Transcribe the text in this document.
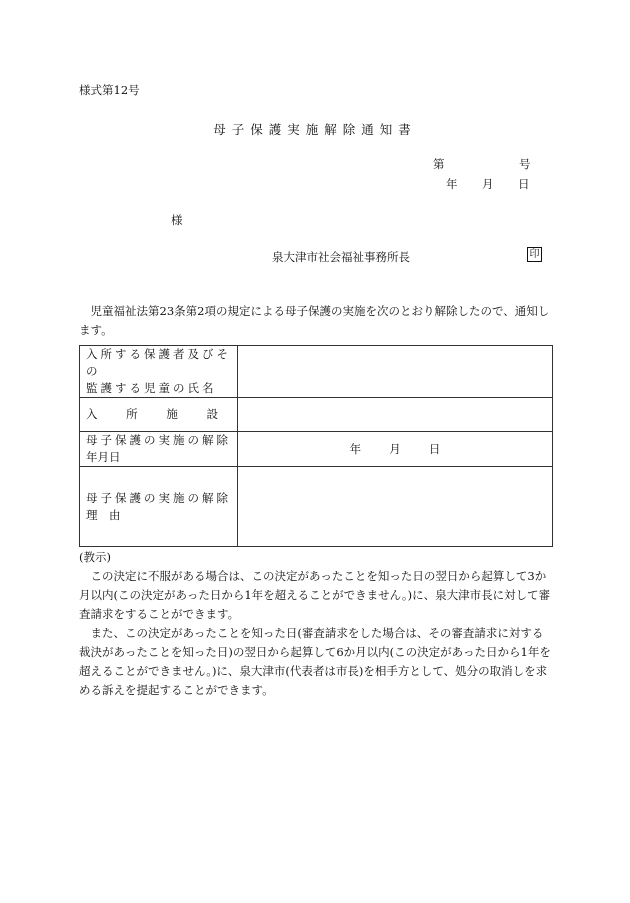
様式第12号
母子保護実施解除通知書
第	号
年 月 日
様
泉大津市社会福祉事務所長	印
児童福祉法第23条第2項の規定による母子保護の実施を次のとおり解除したので、通知します。
入所する保護者及びその
監護する児童の氏名	

入 所 施 設	

母子保護の実施の解除
年月日	年 月 日

母子保護の実施の解除
理　由	

(教示)

この決定に不服がある場合は、この決定があったことを知った日の翌日から起算して3か月以内(この決定があった日から1年を超えることができません。)に、泉大津市長に対して審査請求をすることができます。

また、この決定があったことを知った日(審査請求をした場合は、その審査請求に対する裁決があったことを知った日)の翌日から起算して6か月以内(この決定があった日から1年を超えることができません。)に、泉大津市(代表者は市長)を相手方として、処分の取消しを求める訴えを提起することができます。
